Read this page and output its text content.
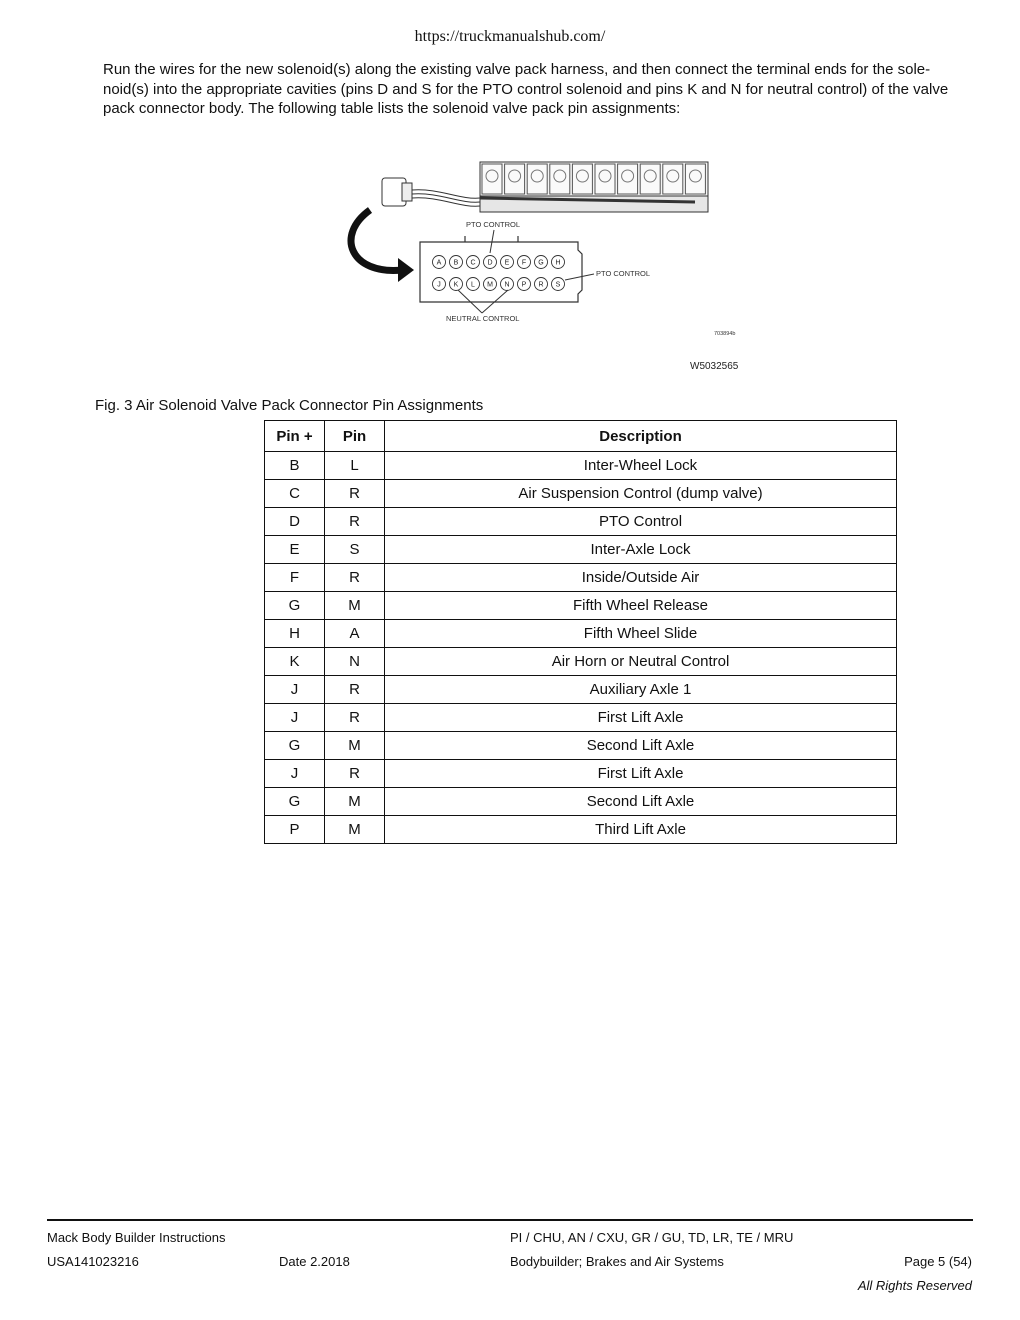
https://truckmanualshub.com/
Run the wires for the new solenoid(s) along the existing valve pack harness, and then connect the terminal ends for the sole-noid(s) into the appropriate cavities (pins D and S for the PTO control solenoid and pins K and N for neutral control) of the valve pack connector body. The following table lists the solenoid valve pack pin assignments:
A B C D E F G H
J K L M N P R S
PTO CONTROL
PTO CONTROL
NEUTRAL CONTROL
703894b
W5032565
Fig. 3 Air Solenoid Valve Pack Connector Pin Assignments
Pin +	Pin	Description
B	L	Inter-Wheel Lock
C	R	Air Suspension Control (dump valve)
D	R	PTO Control
E	S	Inter-Axle Lock
F	R	Inside/Outside Air
G	M	Fifth Wheel Release
H	A	Fifth Wheel Slide
K	N	Air Horn or Neutral Control
J	R	Auxiliary Axle 1
J	R	First Lift Axle
G	M	Second Lift Axle
J	R	First Lift Axle
G	M	Second Lift Axle
P	M	Third Lift Axle
Mack Body Builder Instructions
USA141023216	Date 2.2018
PI / CHU, AN / CXU, GR / GU, TD, LR, TE / MRU
Bodybuilder; Brakes and Air Systems	Page 5 (54)
All Rights Reserved
